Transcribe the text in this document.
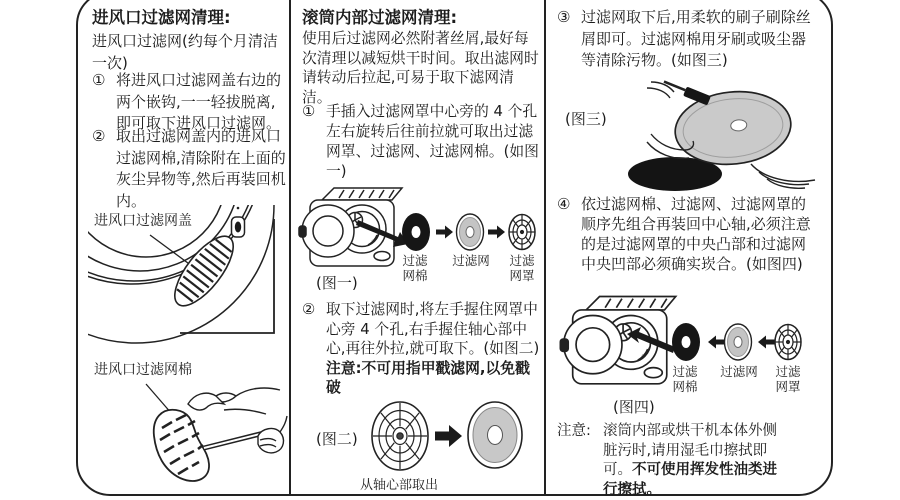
进风口过滤网清理:
进风口过滤网(约每个月清洁一次)
① 将进风口过滤网盖右边的两个嵌钩,一一轻拔脱离,即可取下进风口过滤网。
② 取出过滤网盖内的进风口过滤网棉,清除附在上面的灰尘异物等,然后再装回机内。
进风口过滤网盖
进风口过滤网棉
滚筒内部过滤网清理:
使用后过滤网必然附著丝屑,最好每次清理以减短烘干时间。取出滤网时请转动后拉起,可易于取下滤网清洁。
① 手插入过滤网罩中心旁的 4 个孔左右旋转后往前拉就可取出过滤网罩、过滤网、过滤网棉。(如图一)
过滤网棉
过滤网	过滤网罩
(图一)
② 取下过滤网时,将左手握住网罩中心旁 4 个孔,右手握住轴心部中心,再往外拉,就可取下。(如图二) 注意:不可用指甲戳滤网,以免戳破
(图二)
从轴心部取出
③ 过滤网取下后,用柔软的刷子刷除丝屑即可。过滤网棉用牙刷或吸尘器等清除污物。(如图三)
(图三)
④ 依过滤网棉、过滤网、过滤网罩的顺序先组合再装回中心轴,必须注意的是过滤网罩的中央凸部和过滤网中央凹部必须确实崁合。(如图四)
过滤网棉
过滤网	过滤网罩
(图四)
注意: 滚筒内部或烘干机本体外侧脏污时,请用湿毛巾擦拭即可。不可使用挥发性油类进行擦拭。
